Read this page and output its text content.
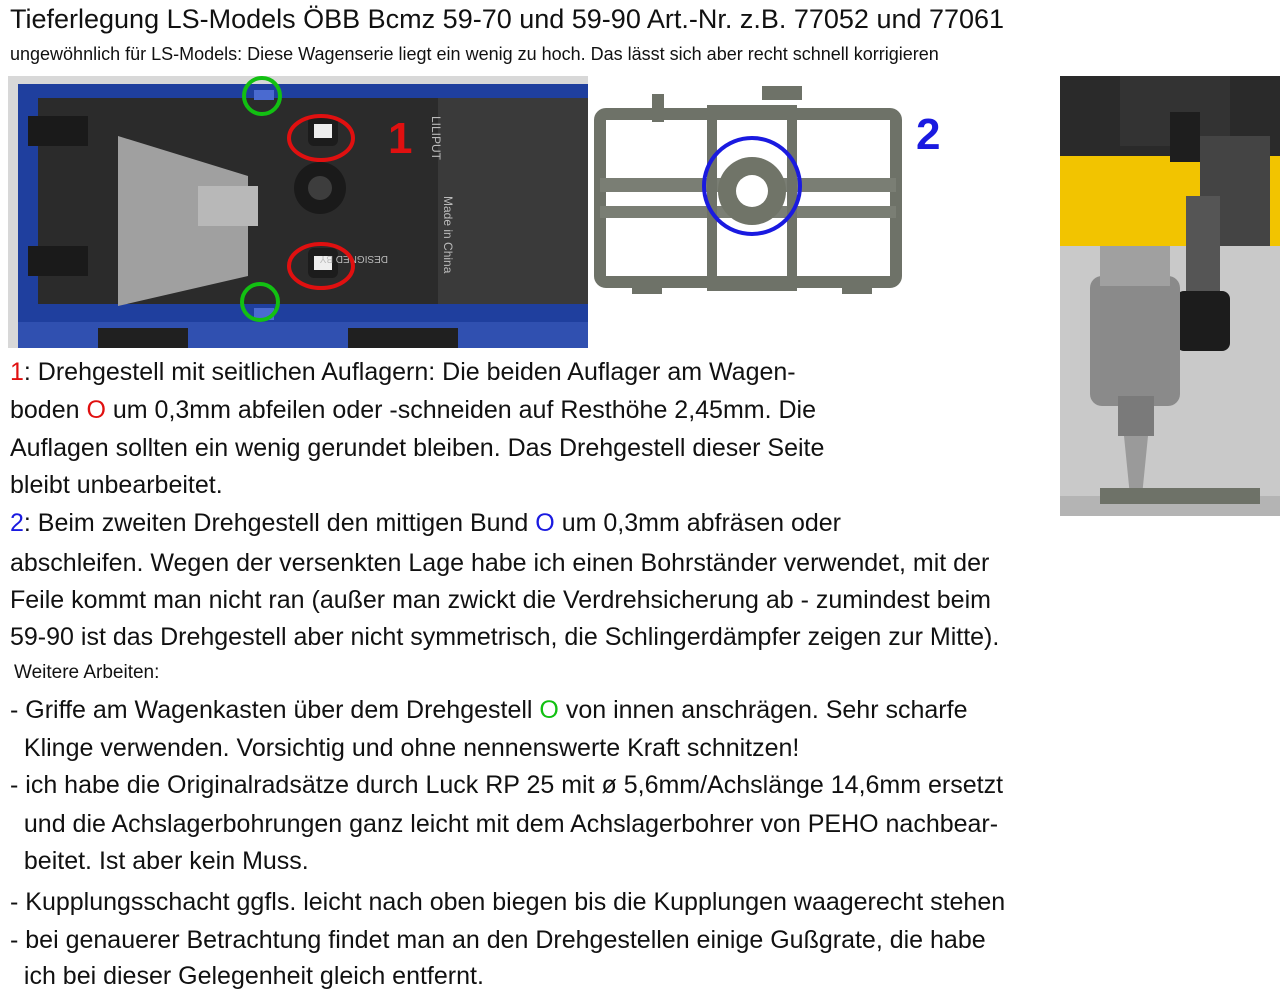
Tieferlegung LS-Models ÖBB Bcmz 59-70 und 59-90 Art.-Nr. z.B. 77052 und 77061
ungewöhnlich für LS-Models: Diese Wagenserie liegt ein wenig zu hoch. Das lässt sich aber recht schnell korrigieren
Made in China
DESIGNED BY
LILIPUT
1	2
1: Drehgestell mit seitlichen Auflagern: Die beiden Auflager am Wagen-
boden O um 0,3mm abfeilen oder -schneiden auf Resthöhe 2,45mm. Die
Auflagen sollten ein wenig gerundet bleiben. Das Drehgestell dieser Seite
bleibt unbearbeitet.
2: Beim zweiten Drehgestell den mittigen Bund O um 0,3mm abfräsen oder
abschleifen. Wegen der versenkten Lage habe ich einen Bohrständer verwendet, mit der
Feile kommt man nicht ran (außer man zwickt die Verdrehsicherung ab - zumindest beim
59-90 ist das Drehgestell aber nicht symmetrisch, die Schlingerdämpfer zeigen zur Mitte).
Weitere Arbeiten:
- Griffe am Wagenkasten über dem Drehgestell O von innen anschrägen. Sehr scharfe
Klinge verwenden. Vorsichtig und ohne nennenswerte Kraft schnitzen!
- ich habe die Originalradsätze durch Luck RP 25 mit ø 5,6mm/Achslänge 14,6mm ersetzt
und die Achslagerbohrungen ganz leicht mit dem Achslagerbohrer von PEHO nachbear-
beitet. Ist aber kein Muss.
- Kupplungsschacht ggfls. leicht nach oben biegen bis die Kupplungen waagerecht stehen
- bei genauerer Betrachtung findet man an den Drehgestellen einige Gußgrate, die habe
ich bei dieser Gelegenheit gleich entfernt.
